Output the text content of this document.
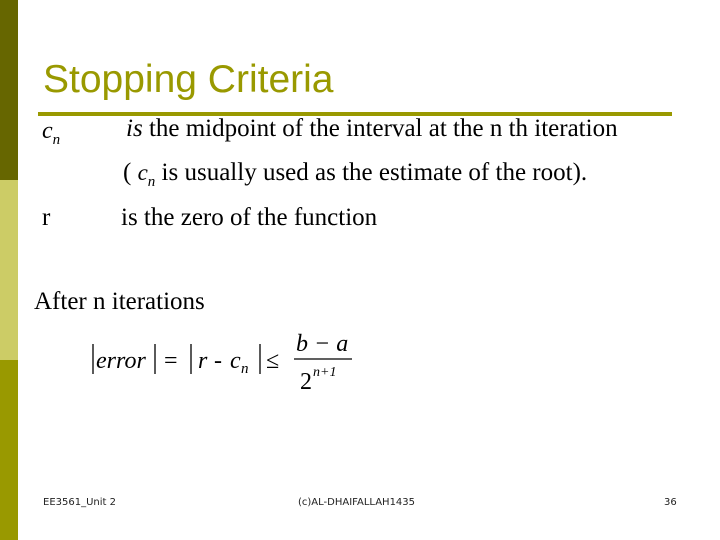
Stopping Criteria
$c_n$	is the midpoint of the interval at the n th iteration
( $c_n$ is usually used as the estimate of the root).
r	is the zero of the function
After n iterations
error = r - c n ≤
b − a
2 n+1
EE3561_Unit 2	(c)AL-DHAIFALLAH1435	36
